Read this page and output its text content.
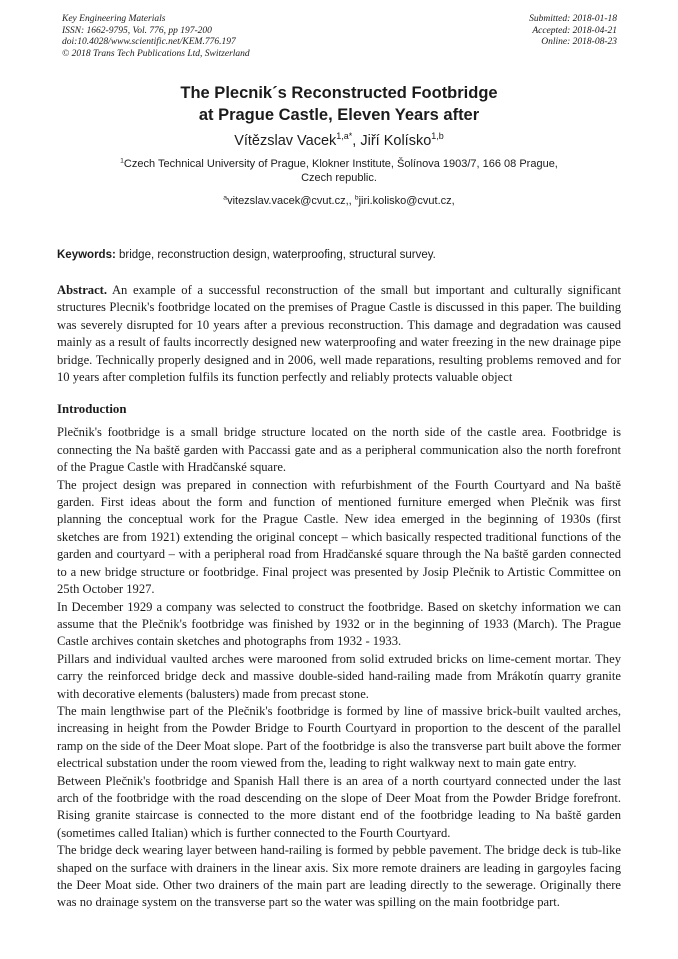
Key Engineering Materials
ISSN: 1662-9795, Vol. 776, pp 197-200
doi:10.4028/www.scientific.net/KEM.776.197
© 2018 Trans Tech Publications Ltd, Switzerland
Submitted: 2018-01-18
Accepted: 2018-04-21
Online: 2018-08-23
The Plecnik´s Reconstructed Footbridge
at Prague Castle, Eleven Years after
Vítězslav Vacek$^{1,a*}$, Jiří Kolísko$^{1,b}$
$^1$Czech Technical University of Prague, Klokner Institute, Šolínova 1903/7, 166 08 Prague,
Czech republic.
$^a$vitezslav.vacek@cvut.cz,, $^b$jiri.kolisko@cvut.cz,
Keywords: bridge, reconstruction design, waterproofing, structural survey.
Abstract. An example of a successful reconstruction of the small but important and culturally significant structures Plecnik's footbridge located on the premises of Prague Castle is discussed in this paper. The building was severely disrupted for 10 years after a previous reconstruction. This damage and degradation was caused mainly as a result of faults incorrectly designed new waterproofing and water freezing in the new drainage pipe bridge. Technically properly designed and in 2006, well made reparations, resulting problems removed and for 10 years after completion fulfils its function perfectly and reliably protects valuable object
Introduction

Plečnik's footbridge is a small bridge structure located on the north side of the castle area. Footbridge is connecting the Na baště garden with Paccassi gate and as a peripheral communication also the north forefront of the Prague Castle with Hradčanské square.

The project design was prepared in connection with refurbishment of the Fourth Courtyard and Na baště garden. First ideas about the form and function of mentioned furniture emerged when Plečnik was first planning the conceptual work for the Prague Castle. New idea emerged in the beginning of 1930s (first sketches are from 1921) extending the original concept – which basically respected traditional functions of the garden and courtyard – with a peripheral road from Hradčanské square through the Na baště garden connected to a new bridge structure or footbridge. Final project was presented by Josip Plečnik to Artistic Committee on 25th October 1927.

In December 1929 a company was selected to construct the footbridge. Based on sketchy information we can assume that the Plečnik's footbridge was finished by 1932 or in the beginning of 1933 (March). The Prague Castle archives contain sketches and photographs from 1932 - 1933.

Pillars and individual vaulted arches were marooned from solid extruded bricks on lime-cement mortar. They carry the reinforced bridge deck and massive double-sided hand-railing made from Mrákotín quarry granite with decorative elements (balusters) made from precast stone.

The main lengthwise part of the Plečnik's footbridge is formed by line of massive brick-built vaulted arches, increasing in height from the Powder Bridge to Fourth Courtyard in proportion to the descent of the parallel ramp on the side of the Deer Moat slope. Part of the footbridge is also the transverse part built above the former electrical substation under the room viewed from the, leading to right walkway next to main gate entry.

Between Plečnik's footbridge and Spanish Hall there is an area of a north courtyard connected under the last arch of the footbridge with the road descending on the slope of Deer Moat from the Powder Bridge forefront. Rising granite staircase is connected to the more distant end of the footbridge leading to Na baště garden (sometimes called Italian) which is further connected to the Fourth Courtyard.

The bridge deck wearing layer between hand-railing is formed by pebble pavement. The bridge deck is tub-like shaped on the surface with drainers in the linear axis. Six more remote drainers are leading in gargoyles facing the Deer Moat side. Other two drainers of the main part are leading directly to the sewerage. Originally there was no drainage system on the transverse part so the water was spilling on the main footbridge part.
